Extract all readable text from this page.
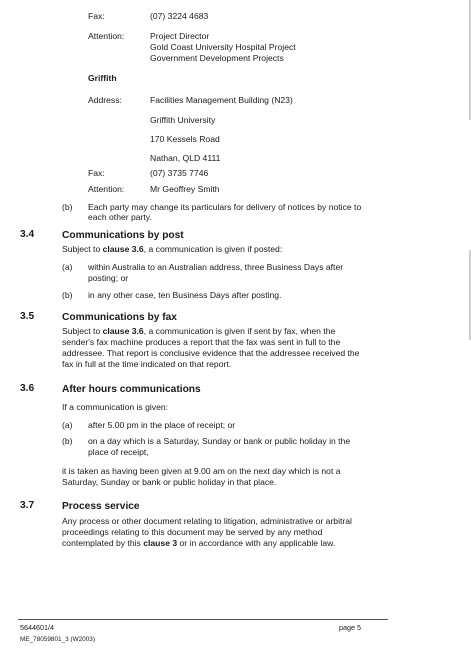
Fax:	(07) 3224 4683
Attention:	Project Director
Gold Coast University Hospital Project
Government Development Projects
Griffith
Address:	Facilities Management Building (N23)
Griffith University
170 Kessels Road
Nathan, QLD 4111
Fax:	(07) 3735 7746
Attention:	Mr Geoffrey Smith
(b) Each party may change its particulars for delivery of notices by notice to
each other party.
3.4	Communications by post
Subject to clause 3.6, a communication is given if posted:
(a) within Australia to an Australian address, three Business Days after
posting; or
(b) in any other case, ten Business Days after posting.
3.5	Communications by fax
Subject to clause 3.6, a communication is given if sent by fax, when the
sender's fax machine produces a report that the fax was sent in full to the
addressee. That report is conclusive evidence that the addressee received the
fax in full at the time indicated on that report.
3.6	After hours communications
If a communication is given:
(a) after 5.00 pm in the place of receipt; or
(b) on a day which is a Saturday, Sunday or bank or public holiday in the
place of receipt,
it is taken as having been given at 9.00 am on the next day which is not a
Saturday, Sunday or bank or public holiday in that place.
3.7	Process service
Any process or other document relating to litigation, administrative or arbitral
proceedings relating to this document may be served by any method
contemplated by this clause 3 or in accordance with any applicable law.
5644601/4	page 5
ME_78059801_3 (W2003)
